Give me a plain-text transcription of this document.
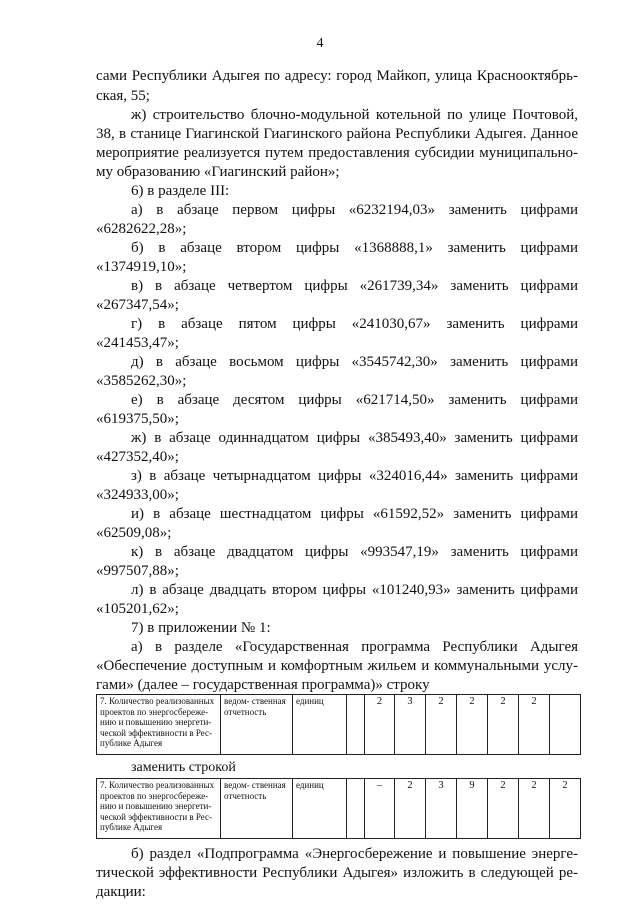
4
сами Республики Адыгея по адресу: город Майкоп, улица Краснооктябрь-
ская, 55;
ж) строительство блочно-модульной котельной по улице Почтовой,
38, в станице Гиагинской Гиагинского района Республики Адыгея. Данное
мероприятие реализуется путем предоставления субсидии муниципально-
му образованию «Гиагинский район»;
6) в разделе III:
а) в абзаце первом цифры «6232194,03» заменить цифрами
«6282622,28»;
б) в абзаце втором цифры «1368888,1» заменить цифрами
«1374919,10»;
в) в абзаце четвертом цифры «261739,34» заменить цифрами
«267347,54»;
г) в абзаце пятом цифры «241030,67» заменить цифрами
«241453,47»;
д) в абзаце восьмом цифры «3545742,30» заменить цифрами
«3585262,30»;
е) в абзаце десятом цифры «621714,50» заменить цифрами
«619375,50»;
ж) в абзаце одиннадцатом цифры «385493,40» заменить цифрами
«427352,40»;
з) в абзаце четырнадцатом цифры «324016,44» заменить цифрами
«324933,00»;
и) в абзаце шестнадцатом цифры «61592,52» заменить цифрами
«62509,08»;
к) в абзаце двадцатом цифры «993547,19» заменить цифрами
«997507,88»;
л) в абзаце двадцать втором цифры «101240,93» заменить цифрами
«105201,62»;
7) в приложении № 1:
а) в разделе «Государственная программа Республики Адыгея
«Обеспечение доступным и комфортным жильем и коммунальными услу-
гами» (далее – государственная программа)» строку
7. Количество реализованных проектов по энергосбереже- нию и повышению энергети- ческой эффективности в Рес- публике Адыгея	ведом- ственная отчетность	единиц		2	3	2	2	2	2	
заменить строкой
7. Количество реализованных проектов по энергосбереже- нию и повышению энергети- ческой эффективности в Рес- публике Адыгея	ведом- ственная отчетность	единиц		–	2	3	9	2	2	2
б) раздел «Подпрограмма «Энергосбережение и повышение энерге-
тической эффективности Республики Адыгея» изложить в следующей ре-
дакции:
